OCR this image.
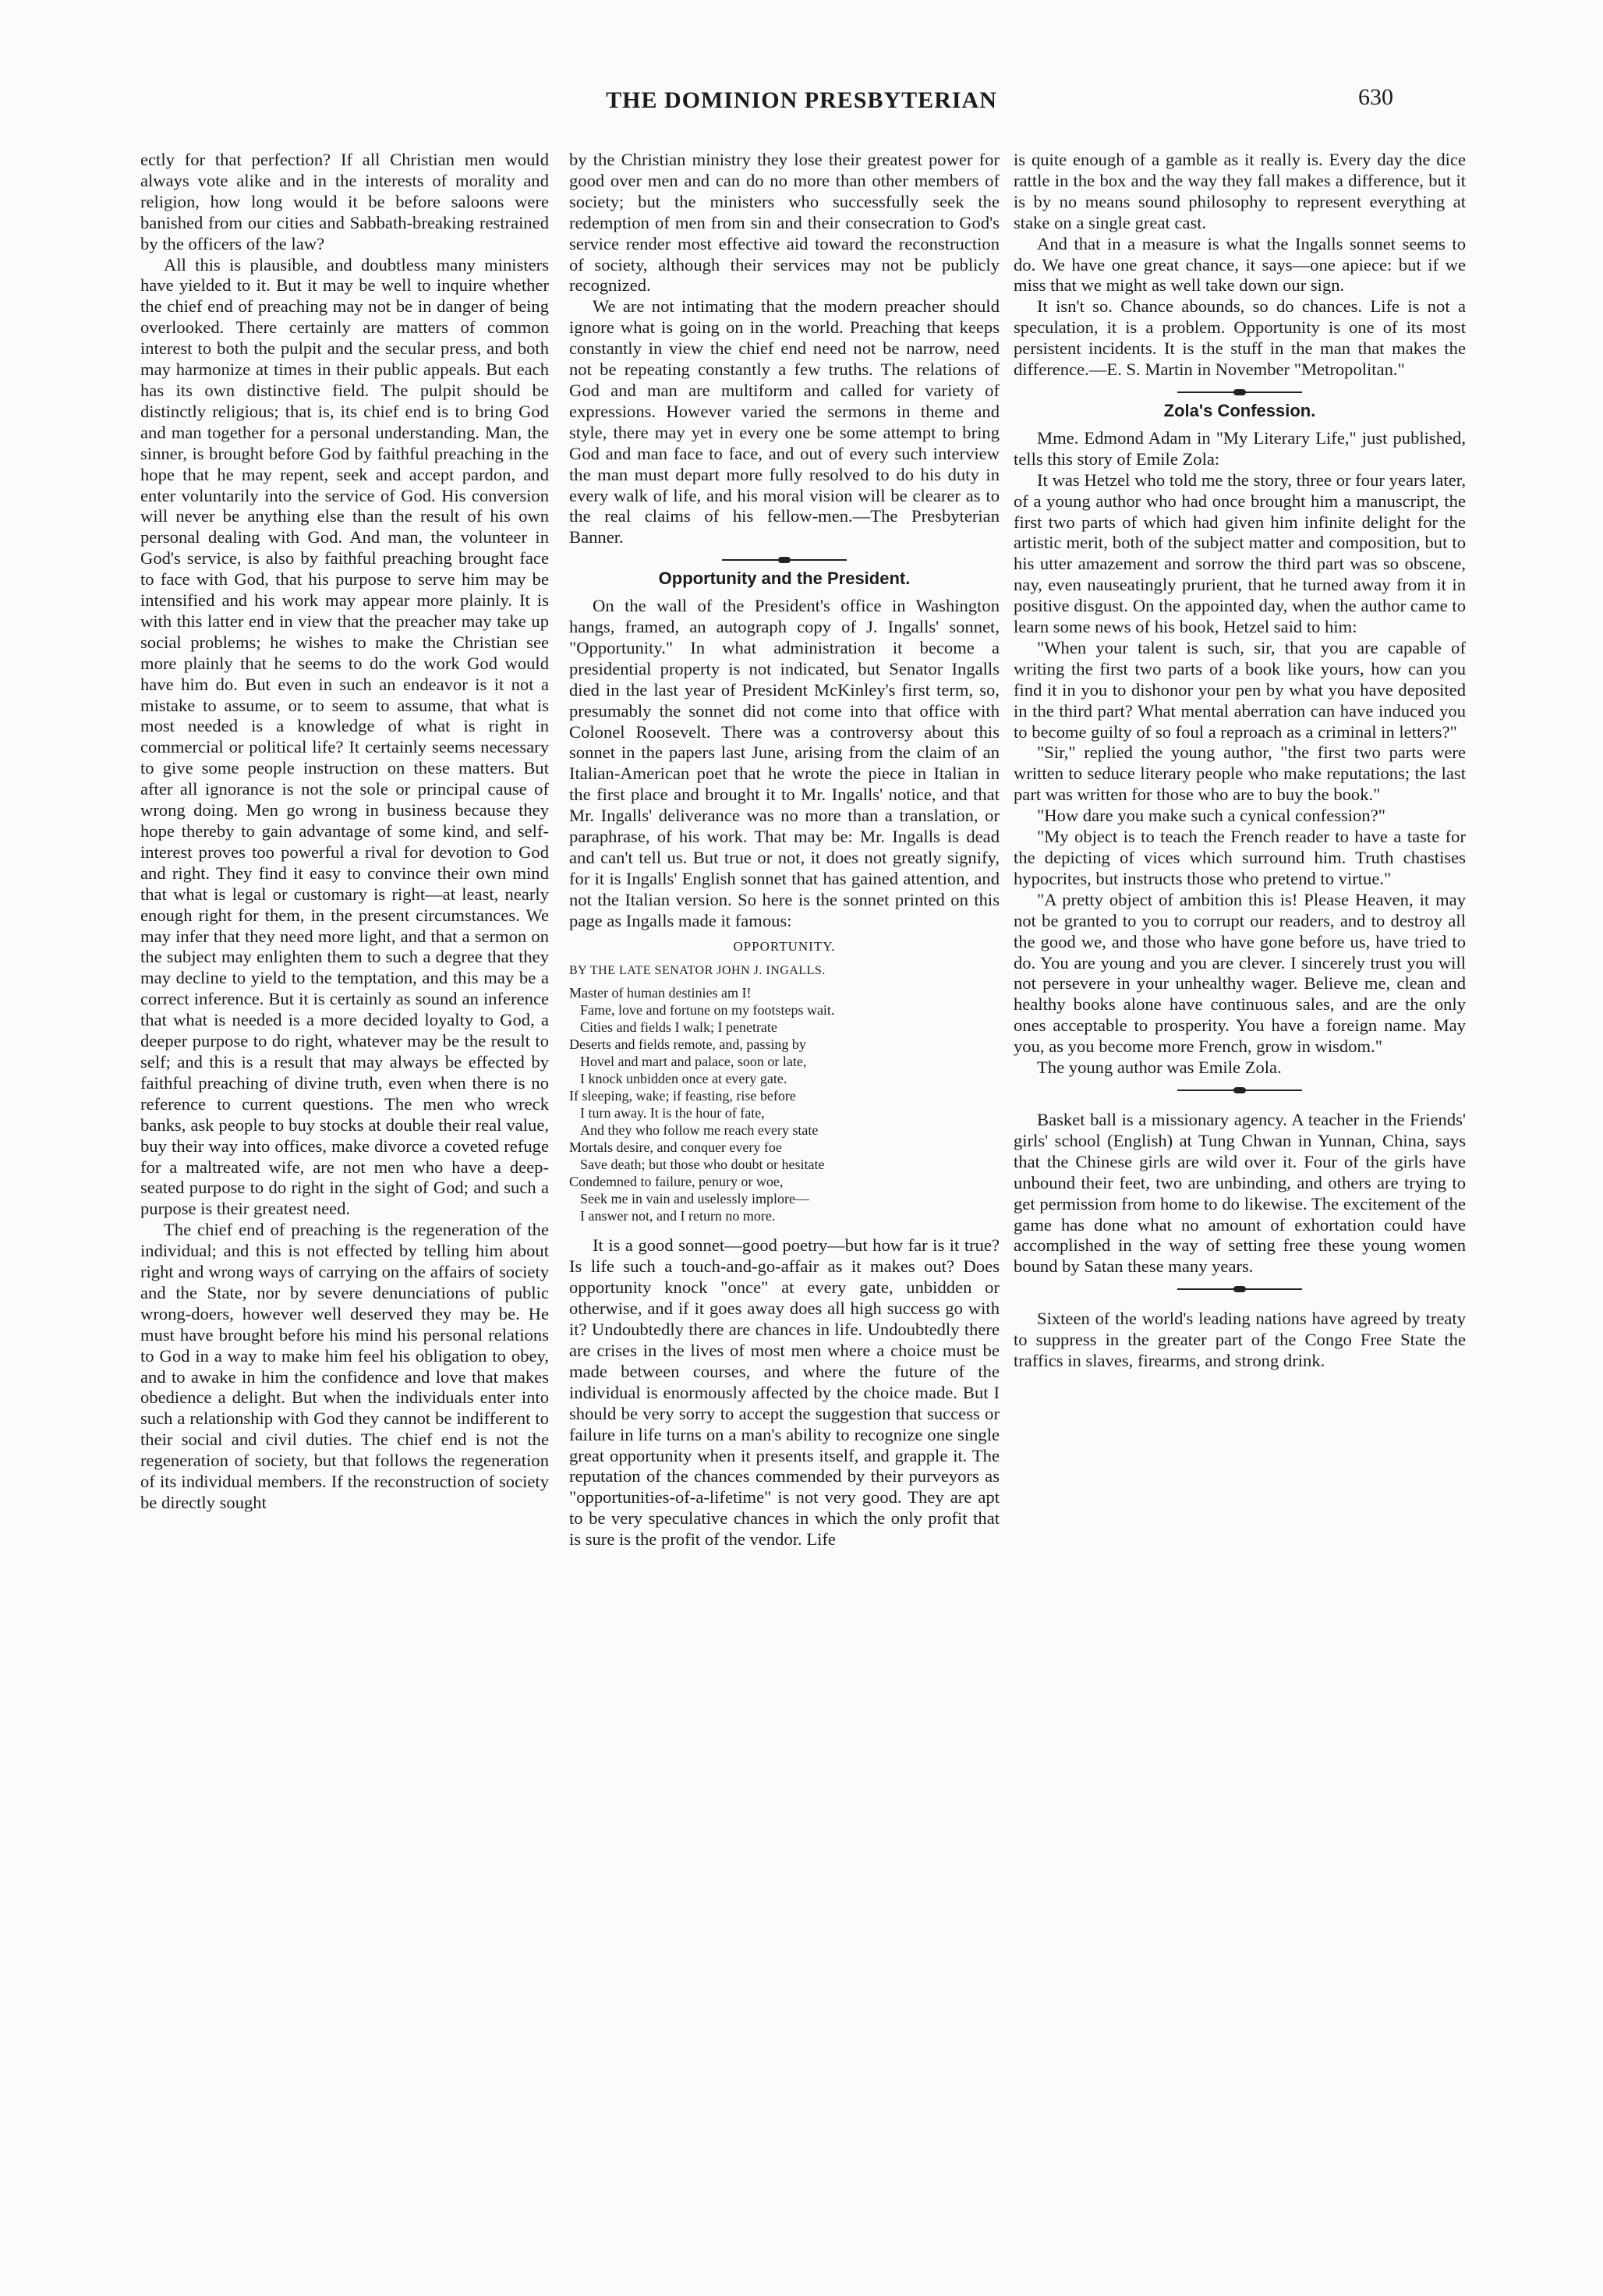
THE DOMINION PRESBYTERIAN	630

ectly for that perfection? If all Christian men would always vote alike and in the interests of morality and religion, how long would it be before saloons were banished from our cities and Sabbath-breaking restrained by the officers of the law?

All this is plausible, and doubtless many ministers have yielded to it. But it may be well to inquire whether the chief end of preaching may not be in danger of being overlooked. There certainly are matters of common interest to both the pulpit and the secular press, and both may harmonize at times in their public appeals. But each has its own distinctive field. The pulpit should be distinctly religious; that is, its chief end is to bring God and man together for a personal understanding. Man, the sinner, is brought before God by faithful preaching in the hope that he may repent, seek and accept pardon, and enter voluntarily into the service of God. His conversion will never be anything else than the result of his own personal dealing with God. And man, the volunteer in God's service, is also by faithful preaching brought face to face with God, that his purpose to serve him may be intensified and his work may appear more plainly. It is with this latter end in view that the preacher may take up social problems; he wishes to make the Christian see more plainly that he seems to do the work God would have him do. But even in such an endeavor is it not a mistake to assume, or to seem to assume, that what is most needed is a knowledge of what is right in commercial or political life? It certainly seems necessary to give some people instruction on these matters. But after all ignorance is not the sole or principal cause of wrong doing. Men go wrong in business because they hope thereby to gain advantage of some kind, and self-interest proves too powerful a rival for devotion to God and right. They find it easy to convince their own mind that what is legal or customary is right—at least, nearly enough right for them, in the present circumstances. We may infer that they need more light, and that a sermon on the subject may enlighten them to such a degree that they may decline to yield to the temptation, and this may be a correct inference. But it is certainly as sound an inference that what is needed is a more decided loyalty to God, a deeper purpose to do right, whatever may be the result to self; and this is a result that may always be effected by faithful preaching of divine truth, even when there is no reference to current questions. The men who wreck banks, ask people to buy stocks at double their real value, buy their way into offices, make divorce a coveted refuge for a maltreated wife, are not men who have a deep-seated purpose to do right in the sight of God; and such a purpose is their greatest need.

The chief end of preaching is the regeneration of the individual; and this is not effected by telling him about right and wrong ways of carrying on the affairs of society and the State, nor by severe denunciations of public wrong-doers, however well deserved they may be. He must have brought before his mind his personal relations to God in a way to make him feel his obligation to obey, and to awake in him the confidence and love that makes obedience a delight. But when the individuals enter into such a relationship with God they cannot be indifferent to their social and civil duties. The chief end is not the regeneration of society, but that follows the regeneration of its individual members. If the reconstruction of society be directly sought

by the Christian ministry they lose their greatest power for good over men and can do no more than other members of society; but the ministers who successfully seek the redemption of men from sin and their consecration to God's service render most effective aid toward the reconstruction of society, although their services may not be publicly recognized.

We are not intimating that the modern preacher should ignore what is going on in the world. Preaching that keeps constantly in view the chief end need not be narrow, need not be repeating constantly a few truths. The relations of God and man are multiform and called for variety of expressions. However varied the sermons in theme and style, there may yet in every one be some attempt to bring God and man face to face, and out of every such interview the man must depart more fully resolved to do his duty in every walk of life, and his moral vision will be clearer as to the real claims of his fellow-men.—The Presbyterian Banner.

Opportunity and the President.

On the wall of the President's office in Washington hangs, framed, an autograph copy of J. Ingalls' sonnet, "Opportunity." In what administration it become a presidential property is not indicated, but Senator Ingalls died in the last year of President McKinley's first term, so, presumably the sonnet did not come into that office with Colonel Roosevelt. There was a controversy about this sonnet in the papers last June, arising from the claim of an Italian-American poet that he wrote the piece in Italian in the first place and brought it to Mr. Ingalls' notice, and that Mr. Ingalls' deliverance was no more than a translation, or paraphrase, of his work. That may be: Mr. Ingalls is dead and can't tell us. But true or not, it does not greatly signify, for it is Ingalls' English sonnet that has gained attention, and not the Italian version. So here is the sonnet printed on this page as Ingalls made it famous:

OPPORTUNITY.
BY THE LATE SENATOR JOHN J. INGALLS.
Master of human destinies am I!
Fame, love and fortune on my footsteps wait.
Cities and fields I walk; I penetrate
Deserts and fields remote, and, passing by
Hovel and mart and palace, soon or late,
I knock unbidden once at every gate.
If sleeping, wake; if feasting, rise before
I turn away. It is the hour of fate,
And they who follow me reach every state
Mortals desire, and conquer every foe
Save death; but those who doubt or hesitate
Condemned to failure, penury or woe,
Seek me in vain and uselessly implore—
I answer not, and I return no more.

It is a good sonnet—good poetry—but how far is it true? Is life such a touch-and-go-affair as it makes out? Does opportunity knock "once" at every gate, unbidden or otherwise, and if it goes away does all high success go with it? Undoubtedly there are chances in life. Undoubtedly there are crises in the lives of most men where a choice must be made between courses, and where the future of the individual is enormously affected by the choice made. But I should be very sorry to accept the suggestion that success or failure in life turns on a man's ability to recognize one single great opportunity when it presents itself, and grapple it. The reputation of the chances commended by their purveyors as "opportunities-of-a-lifetime" is not very good. They are apt to be very speculative chances in which the only profit that is sure is the profit of the vendor. Life

is quite enough of a gamble as it really is. Every day the dice rattle in the box and the way they fall makes a difference, but it is by no means sound philosophy to represent everything at stake on a single great cast.

And that in a measure is what the Ingalls sonnet seems to do. We have one great chance, it says—one apiece: but if we miss that we might as well take down our sign.

It isn't so. Chance abounds, so do chances. Life is not a speculation, it is a problem. Opportunity is one of its most persistent incidents. It is the stuff in the man that makes the difference.—E. S. Martin in November "Metropolitan."

Zola's Confession.

Mme. Edmond Adam in "My Literary Life," just published, tells this story of Emile Zola:

It was Hetzel who told me the story, three or four years later, of a young author who had once brought him a manuscript, the first two parts of which had given him infinite delight for the artistic merit, both of the subject matter and composition, but to his utter amazement and sorrow the third part was so obscene, nay, even nauseatingly prurient, that he turned away from it in positive disgust. On the appointed day, when the author came to learn some news of his book, Hetzel said to him:

"When your talent is such, sir, that you are capable of writing the first two parts of a book like yours, how can you find it in you to dishonor your pen by what you have deposited in the third part? What mental aberration can have induced you to become guilty of so foul a reproach as a criminal in letters?"

"Sir," replied the young author, "the first two parts were written to seduce literary people who make reputations; the last part was written for those who are to buy the book."

"How dare you make such a cynical confession?"

"My object is to teach the French reader to have a taste for the depicting of vices which surround him. Truth chastises hypocrites, but instructs those who pretend to virtue."

"A pretty object of ambition this is! Please Heaven, it may not be granted to you to corrupt our readers, and to destroy all the good we, and those who have gone before us, have tried to do. You are young and you are clever. I sincerely trust you will not persevere in your unhealthy wager. Believe me, clean and healthy books alone have continuous sales, and are the only ones acceptable to prosperity. You have a foreign name. May you, as you become more French, grow in wisdom."

The young author was Emile Zola.

Basket ball is a missionary agency. A teacher in the Friends' girls' school (English) at Tung Chwan in Yunnan, China, says that the Chinese girls are wild over it. Four of the girls have unbound their feet, two are unbinding, and others are trying to get permission from home to do likewise. The excitement of the game has done what no amount of exhortation could have accomplished in the way of setting free these young women bound by Satan these many years.

Sixteen of the world's leading nations have agreed by treaty to suppress in the greater part of the Congo Free State the traffics in slaves, firearms, and strong drink.
